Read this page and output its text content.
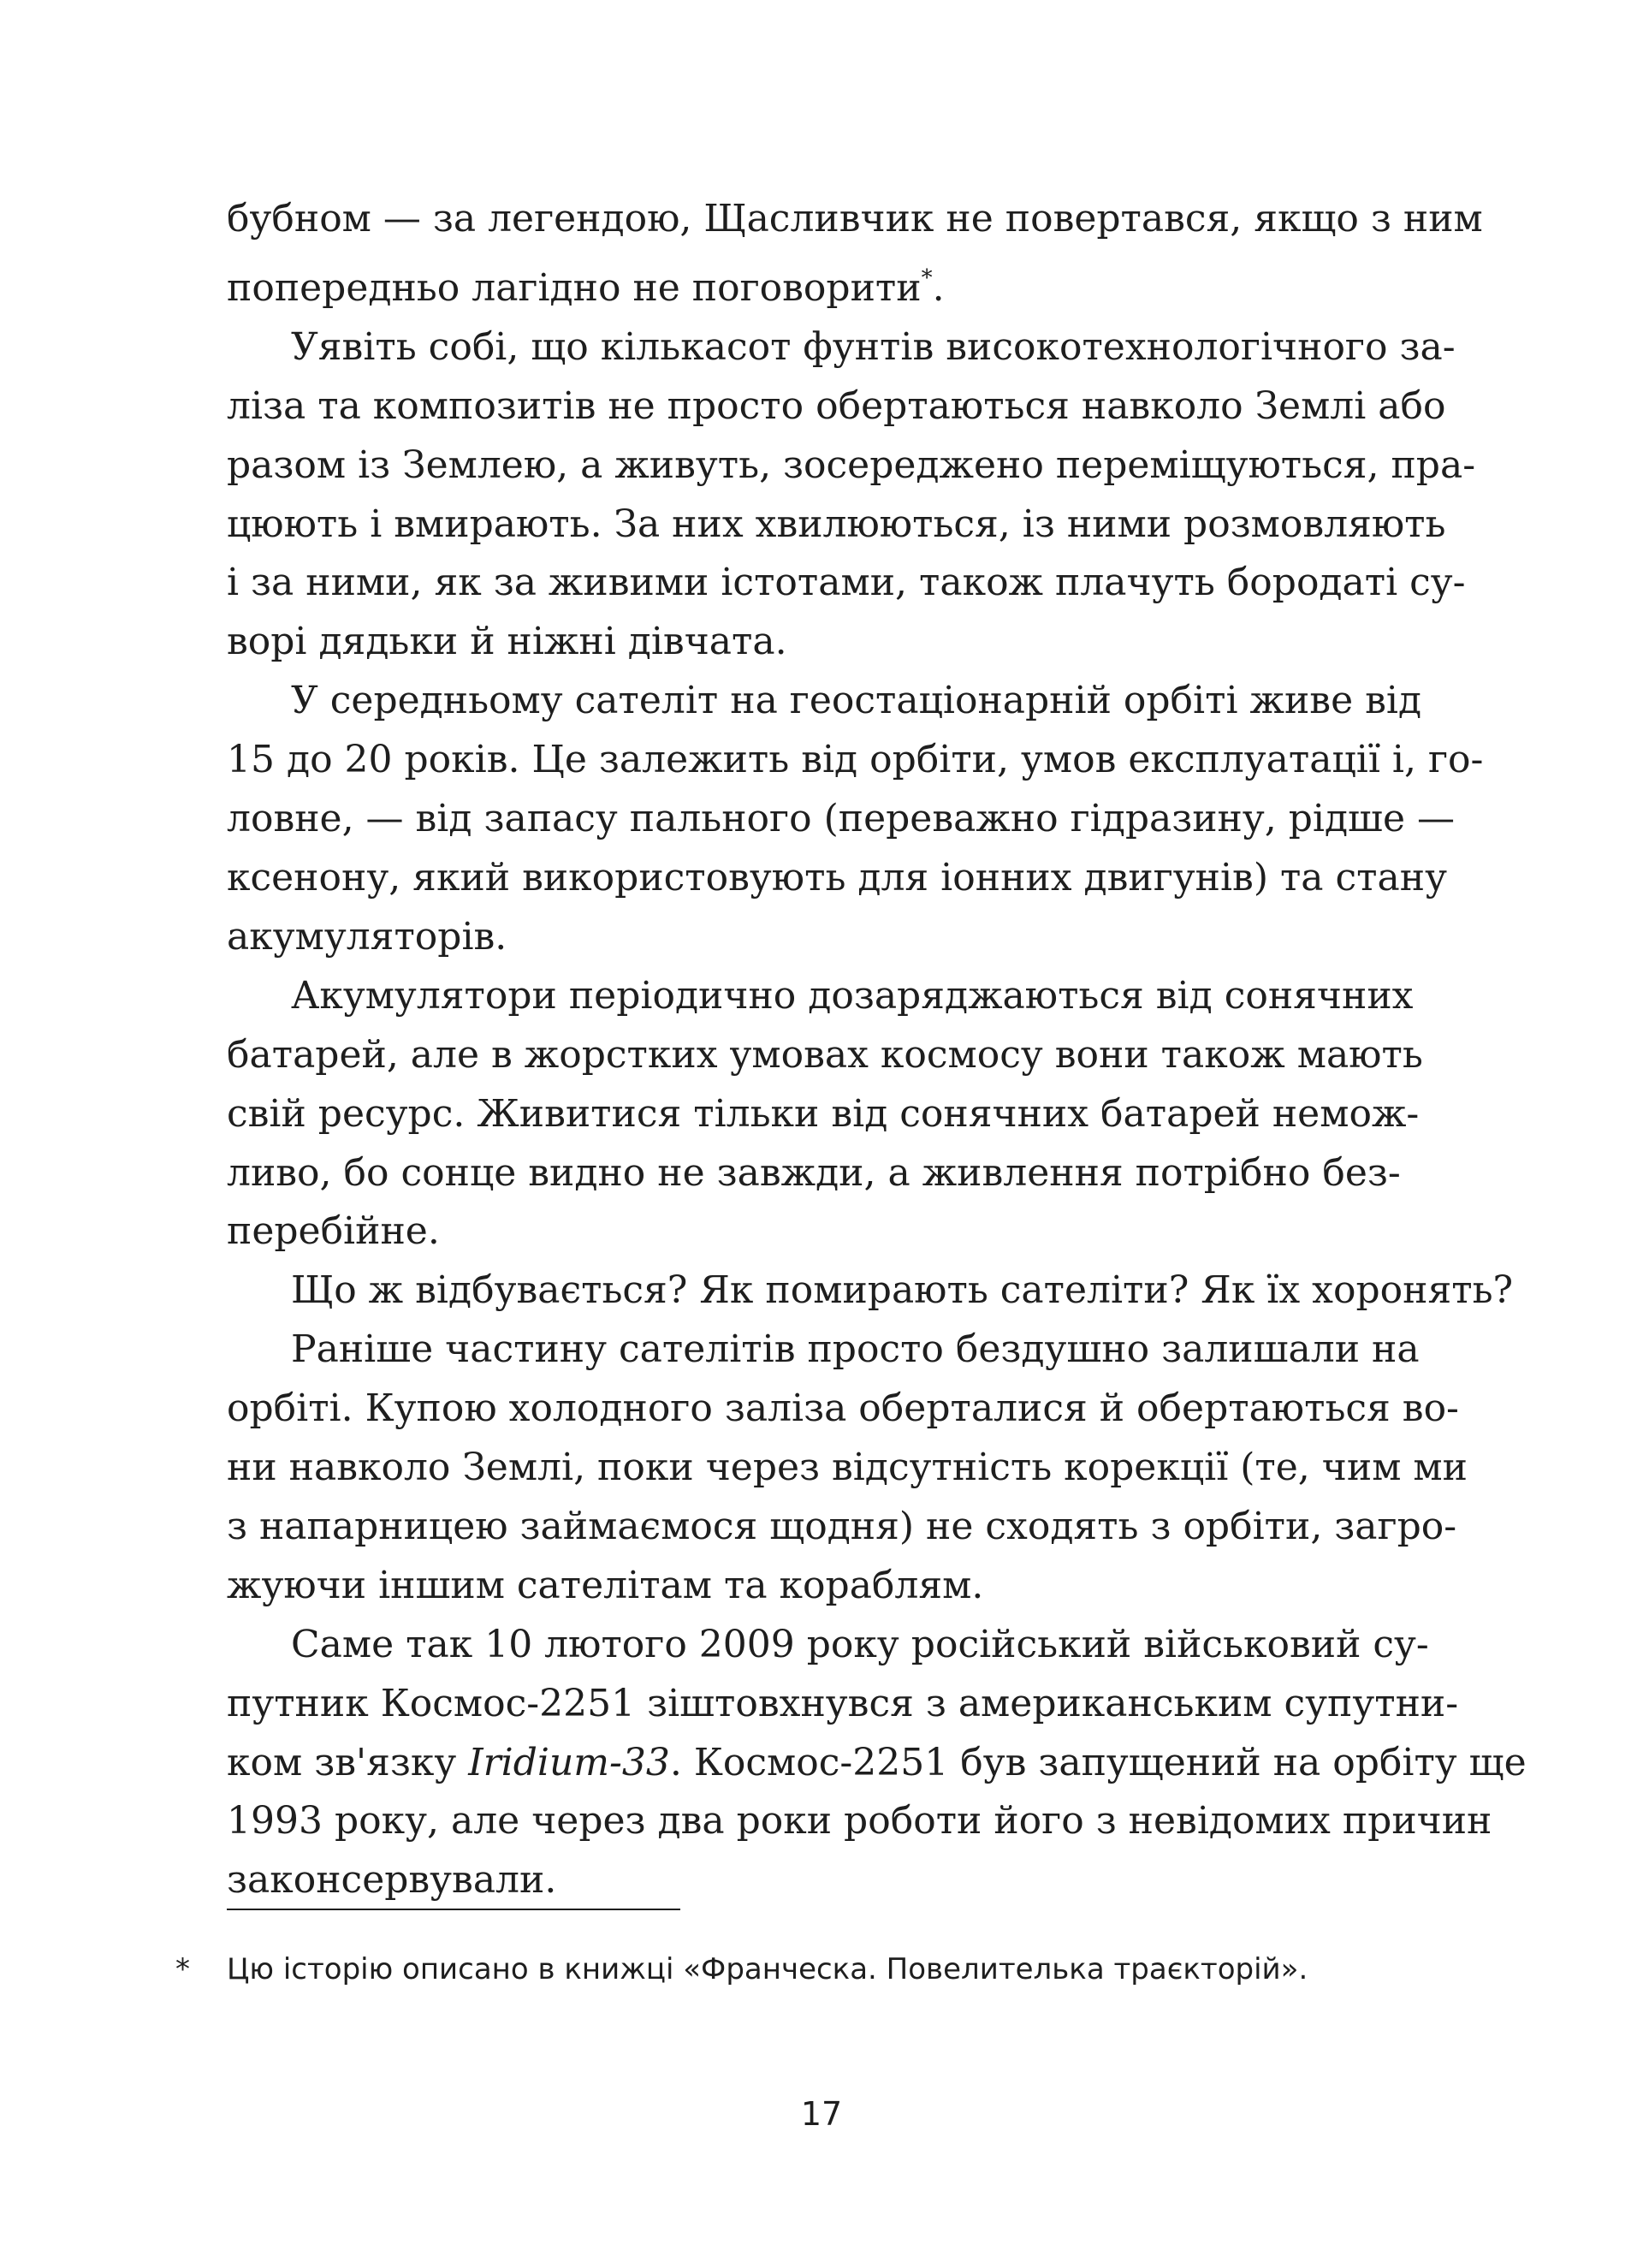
бубном — за легендою, Щасливчик не повертався, якщо з ним
попередньо лагідно не поговорити*.
Уявіть собі, що кількасот фунтів високотехнологічного за-
ліза та композитів не просто обертаються навколо Землі або
разом із Землею, а живуть, зосереджено переміщуються, пра-
цюють і вмирають. За них хвилюються, із ними розмовляють
і за ними, як за живими істотами, також плачуть бородаті су-
ворі дядьки й ніжні дівчата.
У середньому сателіт на геостаціонарній орбіті живе від
15 до 20 років. Це залежить від орбіти, умов експлуатації і, го-
ловне, — від запасу пального (переважно гідразину, рідше —
ксенону, який використовують для іонних двигунів) та стану
акумуляторів.
Акумулятори періодично дозаряджаються від сонячних
батарей, але в жорстких умовах космосу вони також мають
свій ресурс. Живитися тільки від сонячних батарей немож-
ливо, бо сонце видно не завжди, а живлення потрібно без-
перебійне.
Що ж відбувається? Як помирають сателіти? Як їх хоронять?
Раніше частину сателітів просто бездушно залишали на
орбіті. Купою холодного заліза оберталися й обертаються во-
ни навколо Землі, поки через відсутність корекції (те, чим ми
з напарницею займаємося щодня) не сходять з орбіти, загро-
жуючи іншим сателітам та кораблям.
Саме так 10 лютого 2009 року російський військовий су-
путник Космос-2251 зіштовхнувся з американським супутни-
ком зв'язку Iridium-33. Космос-2251 був запущений на орбіту ще
1993 року, але через два роки роботи його з невідомих причин
законсервували.
* Цю історію описано в книжці «Франческа. Повелителька траєкторій».
17
